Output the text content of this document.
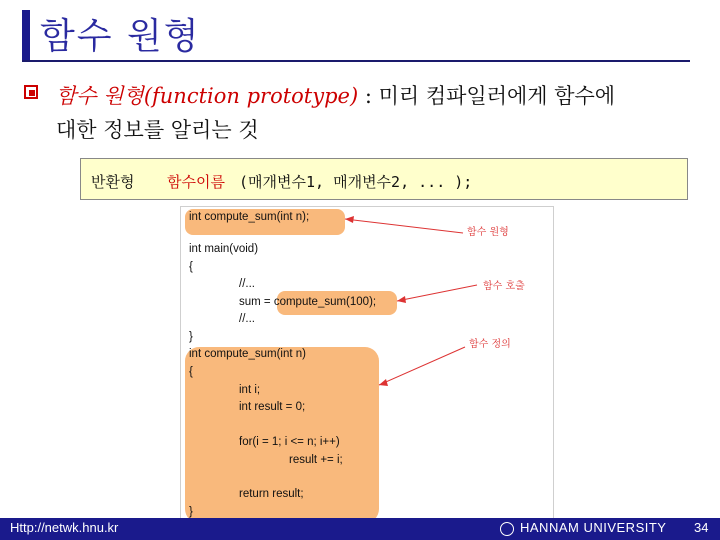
함수 원형
함수 원형(function prototype) : 미리 컴파일러에게 함수에
대한 정보를 알리는 것
반환형 함수이름 (매개변수1, 매개변수2, ... );
int compute_sum(int n);
int main(void)
{
//...
sum = compute_sum(100);
//...
}
int compute_sum(int n)
{
int i;
int result = 0;
for(i = 1; i <= n; i++)
result += i;
return result;
}
함수 원형
함수 호출
함수 정의
Http://netwk.hnu.kr	HANNAM UNIVERSITY 34
